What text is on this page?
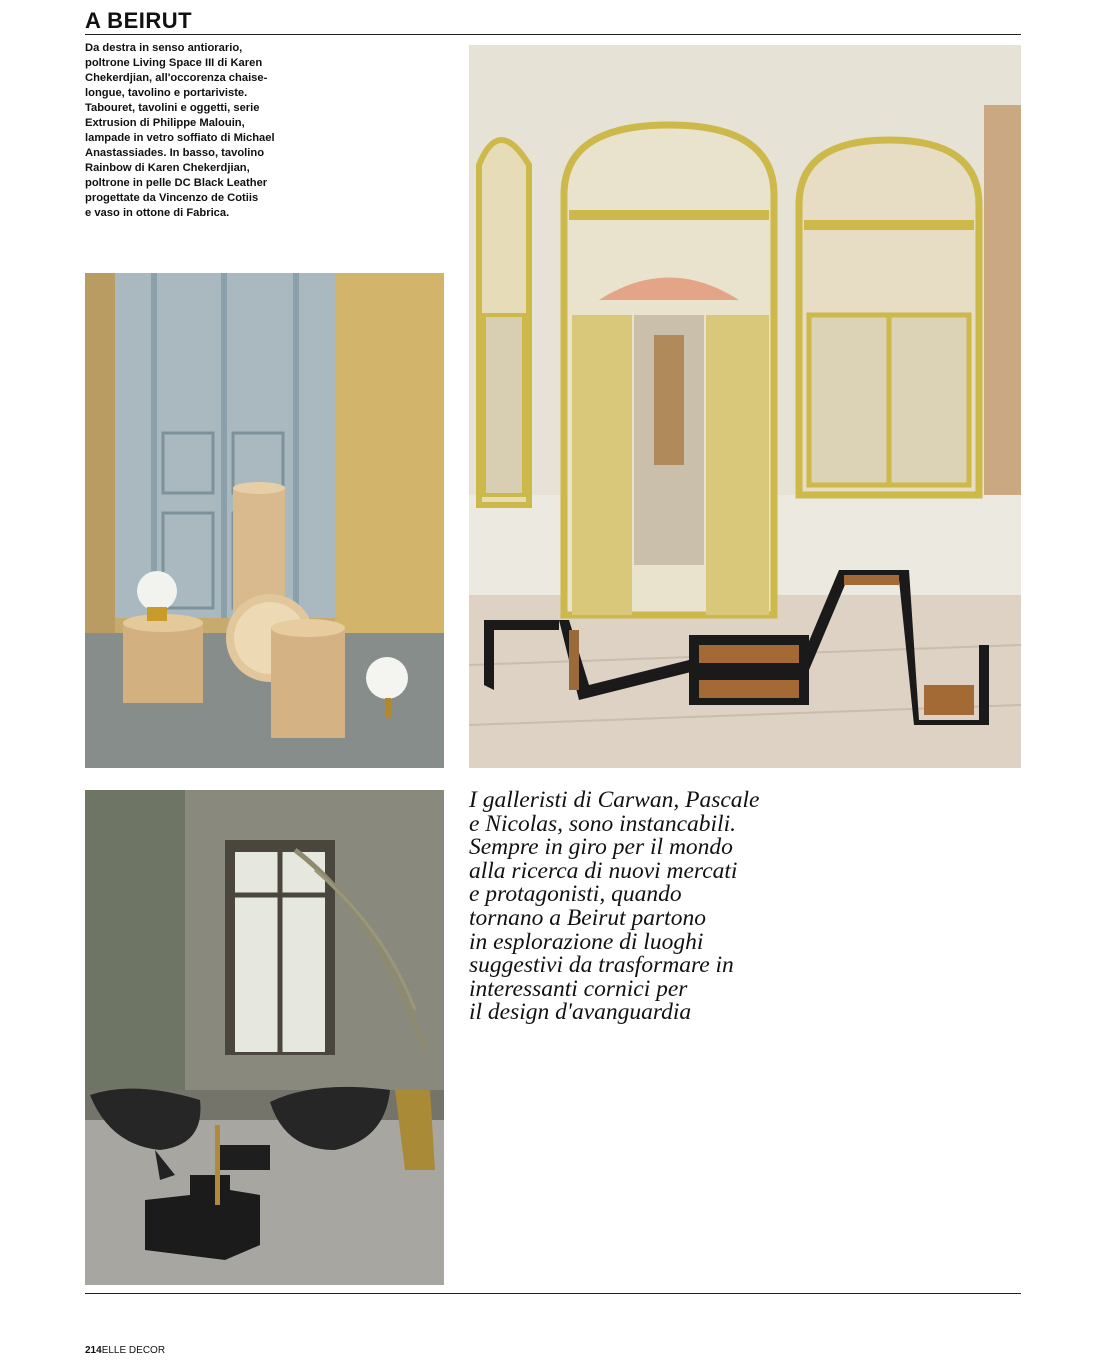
A BEIRUT

Da destra in senso antiorario,
poltrone Living Space III di Karen
Chekerdjian, all'occorenza chaise-
longue, tavolino e portariviste.
Tabouret, tavolini e oggetti, serie
Extrusion di Philippe Malouin,
lampade in vetro soffiato di Michael
Anastassiades. In basso, tavolino
Rainbow di Karen Chekerdjian,
poltrone in pelle DC Black Leather
progettate da Vincenzo de Cotiis
e vaso in ottone di Fabrica.

I galleristi di Carwan, Pascale
e Nicolas, sono instancabili.
Sempre in giro per il mondo
alla ricerca di nuovi mercati
e protagonisti, quando
tornano a Beirut partono
in esplorazione di luoghi
suggestivi da trasformare in
interessanti cornici per
il design d'avanguardia

214ELLE DECOR
